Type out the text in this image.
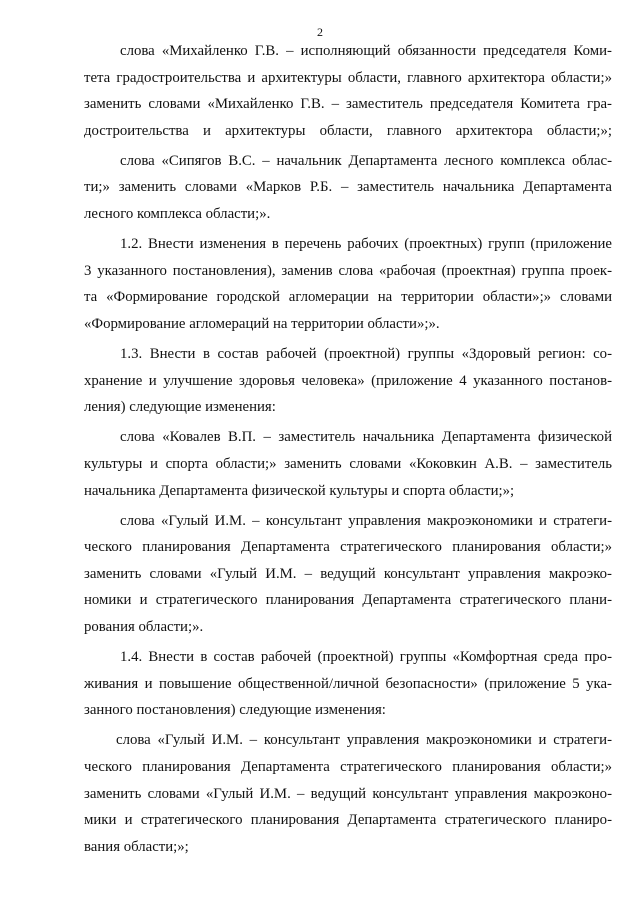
2
слова «Михайленко Г.В. – исполняющий обязанности председателя Коми-
тета градостроительства и архитектуры области, главного архитектора области;»
заменить словами «Михайленко Г.В. – заместитель председателя Комитета гра-
достроительства и архитектуры области, главного архитектора области;»;
слова «Сипягов В.С. – начальник Департамента лесного комплекса облас-
ти;» заменить словами «Марков Р.Б. – заместитель начальника Департамента
лесного комплекса области;».
1.2. Внести изменения в перечень рабочих (проектных) групп (приложение
3 указанного постановления), заменив слова «рабочая (проектная) группа проек-
та «Формирование городской агломерации на территории области»;» словами
«Формирование агломераций на территории области»;».
1.3. Внести в состав рабочей (проектной) группы «Здоровый регион: со-
хранение и улучшение здоровья человека» (приложение 4 указанного постанов-
ления) следующие изменения:
слова «Ковалев В.П. – заместитель начальника Департамента физической
культуры и спорта области;» заменить словами «Коковкин А.В. – заместитель
начальника Департамента физической культуры и спорта области;»;
слова «Гулый И.М. – консультант управления макроэкономики и стратеги-
ческого планирования Департамента стратегического планирования области;»
заменить словами «Гулый И.М. – ведущий консультант управления макроэко-
номики и стратегического планирования Департамента стратегического плани-
рования области;».
1.4. Внести в состав рабочей (проектной) группы «Комфортная среда про-
живания и повышение общественной/личной безопасности» (приложение 5 ука-
занного постановления) следующие изменения:
слова «Гулый И.М. – консультант управления макроэкономики и стратеги-
ческого планирования Департамента стратегического планирования области;»
заменить словами «Гулый И.М. – ведущий консультант управления макроэконо-
мики и стратегического планирования Департамента стратегического планиро-
вания области;»;
